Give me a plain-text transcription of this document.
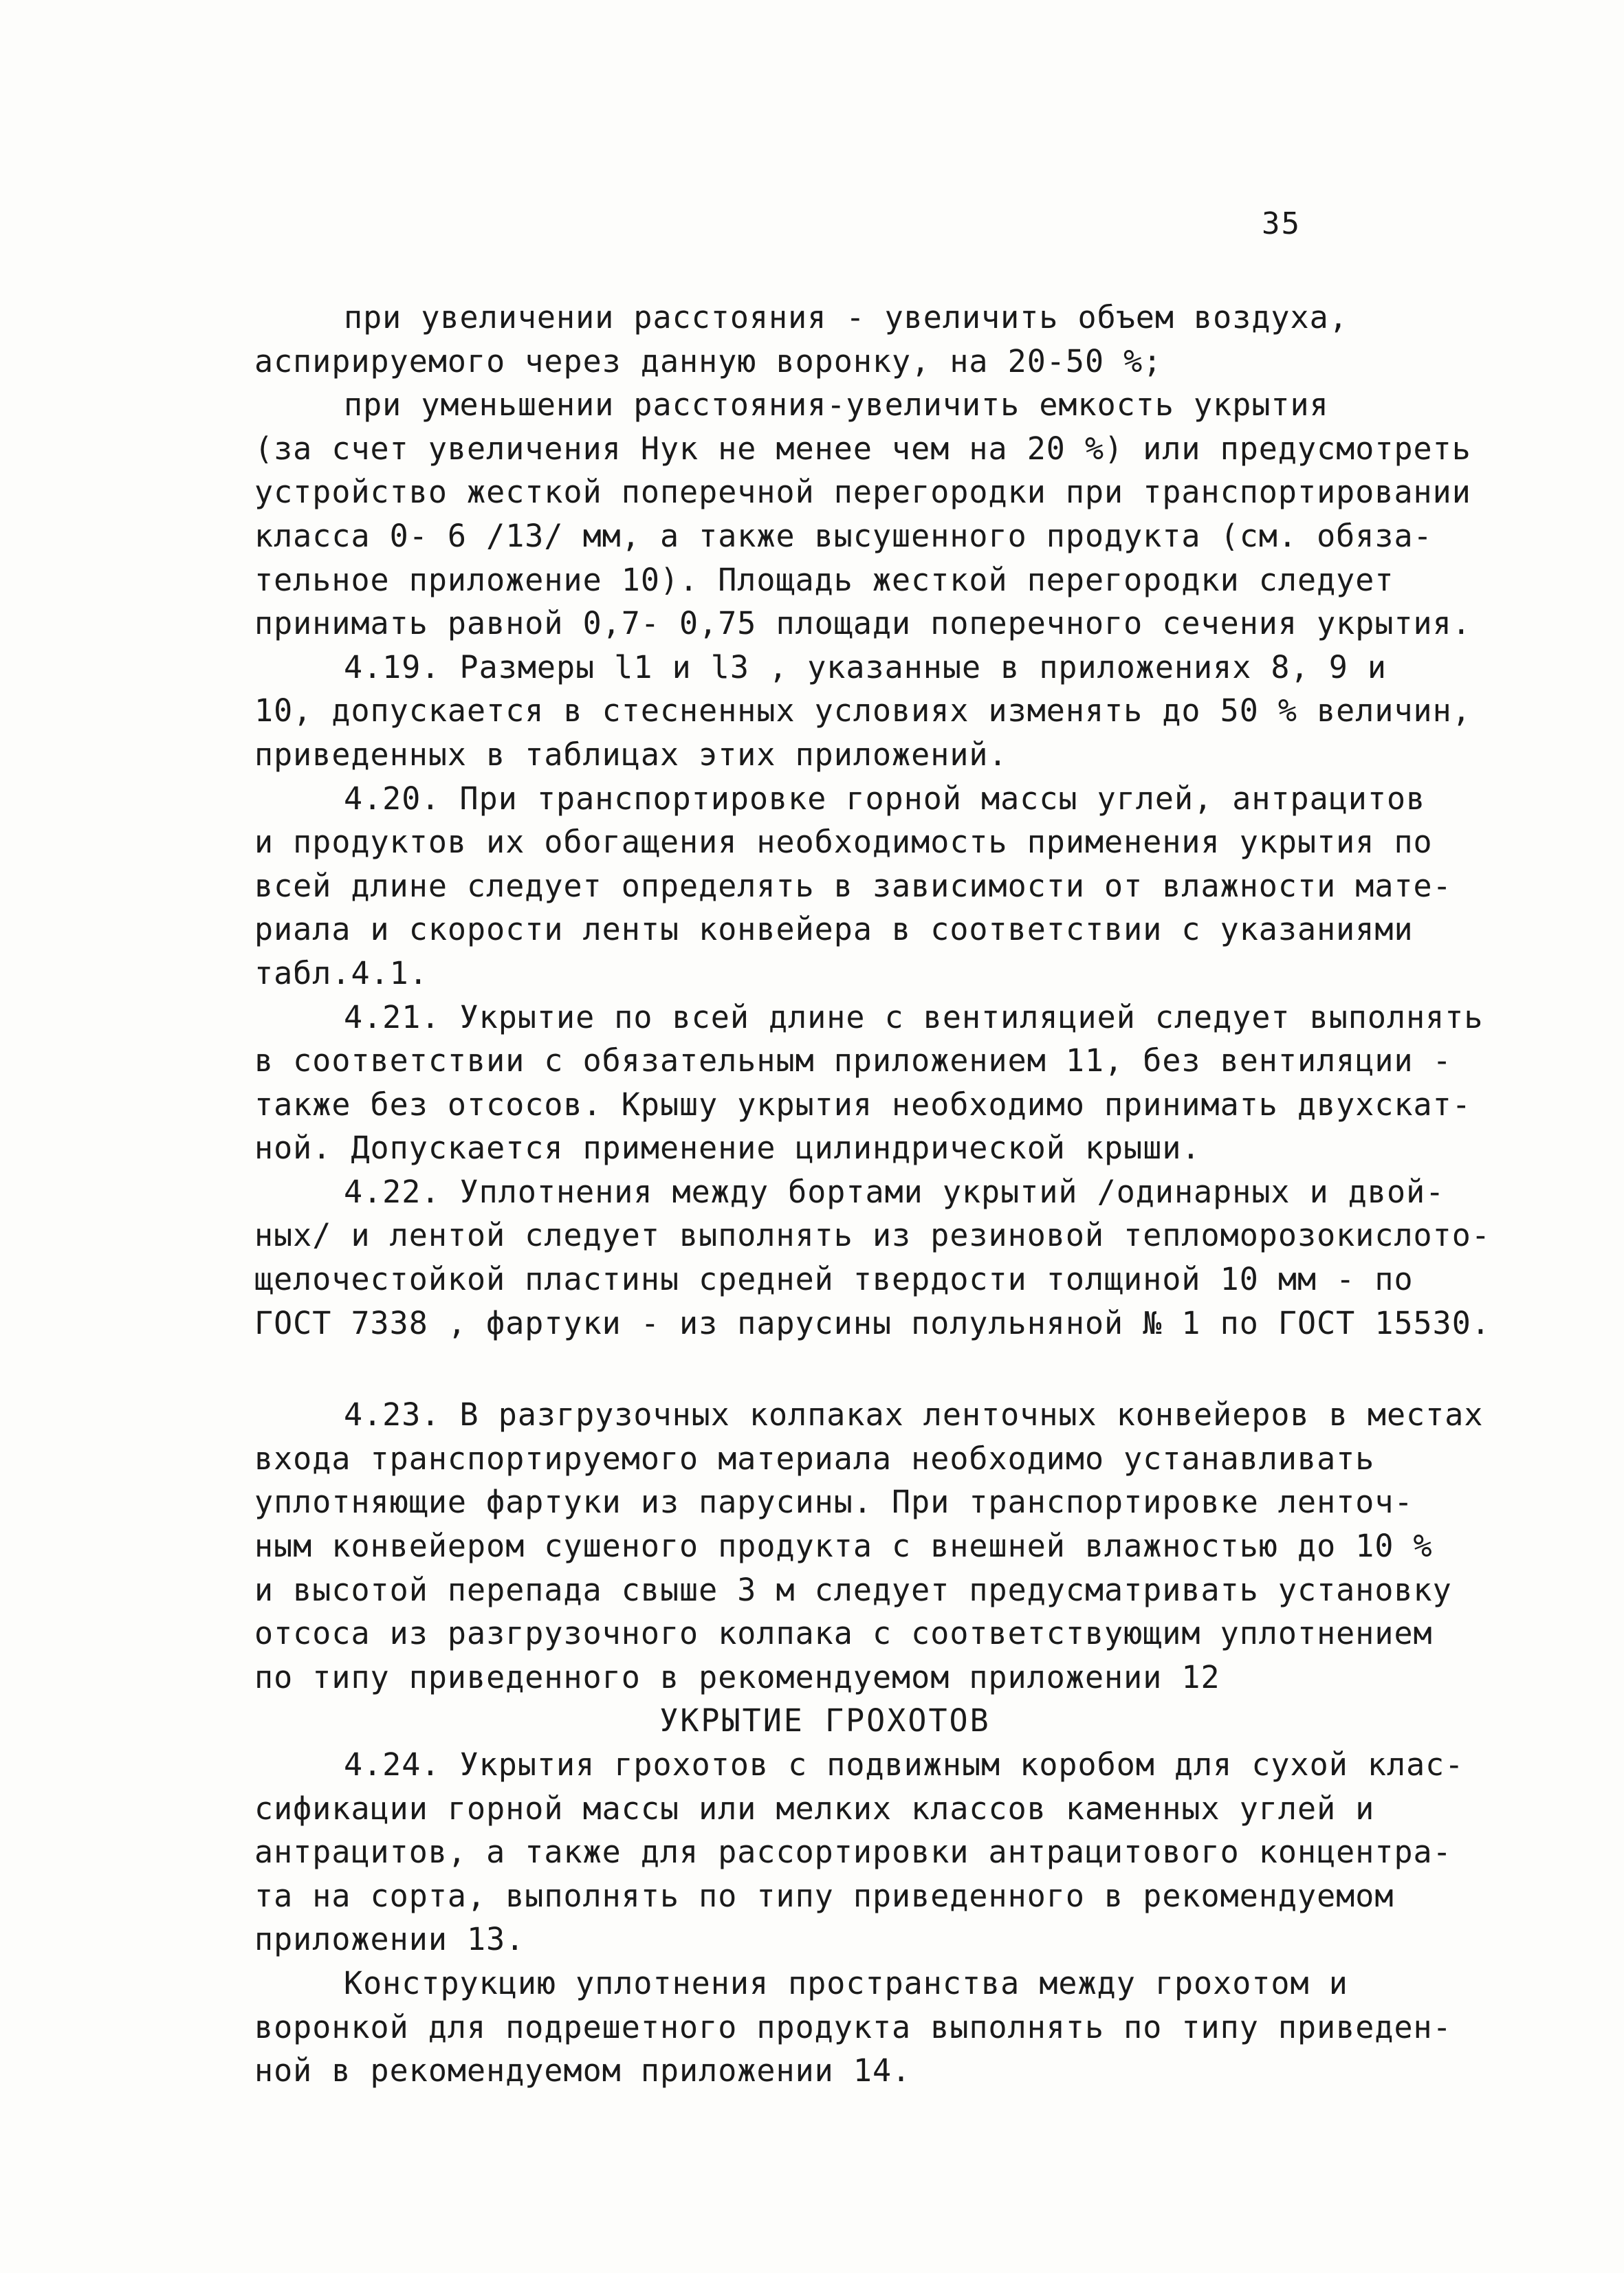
35
при увеличении расстояния - увеличить объем воздуха,
аспирируемого через данную воронку, на 20-50 %;
при уменьшении расстояния-увеличить емкость укрытия
(за счет увеличения Hук не менее чем на 20 %) или предусмотреть
устройство жесткой поперечной перегородки при транспортировании
класса 0- 6 /13/ мм, а также высушенного продукта (см. обяза-
тельное приложение 10). Площадь жесткой перегородки следует
принимать равной 0,7- 0,75 площади поперечного сечения укрытия.
4.19. Размеры l1 и l3 , указанные в приложениях 8, 9 и
10, допускается в стесненных условиях изменять до 50 % величин,
приведенных в таблицах этих приложений.
4.20. При транспортировке горной массы углей, антрацитов
и продуктов их обогащения необходимость применения укрытия по
всей длине следует определять в зависимости от влажности мате-
риала и скорости ленты конвейера в соответствии с указаниями
табл.4.1.
4.21. Укрытие по всей длине с вентиляцией следует выполнять
в соответствии с обязательным приложением 11, без вентиляции -
также без отсосов. Крышу укрытия необходимо принимать двухскат-
ной. Допускается применение цилиндрической крыши.
4.22. Уплотнения между бортами укрытий /одинарных и двой-
ных/ и лентой следует выполнять из резиновой тепломорозокислото-
щелочестойкой пластины средней твердости толщиной 10 мм - по
ГОСТ 7338 , фартуки - из парусины полульняной № 1 по ГОСТ 15530.
4.23. В разгрузочных колпаках ленточных конвейеров в местах
входа транспортируемого материала необходимо устанавливать
уплотняющие фартуки из парусины. При транспортировке ленточ-
ным конвейером сушеного продукта с внешней влажностью до 10 %
и высотой перепада свыше 3 м следует предусматривать установку
отсоса из разгрузочного колпака с соответствующим уплотнением
по типу приведенного в рекомендуемом приложении 12
УКРЫТИЕ ГРОХОТОВ
4.24. Укрытия грохотов с подвижным коробом для сухой клас-
сификации горной массы или мелких классов каменных углей и
антрацитов, а также для рассортировки антрацитового концентра-
та на сорта, выполнять по типу приведенного в рекомендуемом
приложении 13.
Конструкцию уплотнения пространства между грохотом и
воронкой для подрешетного продукта выполнять по типу приведен-
ной в рекомендуемом приложении 14.
